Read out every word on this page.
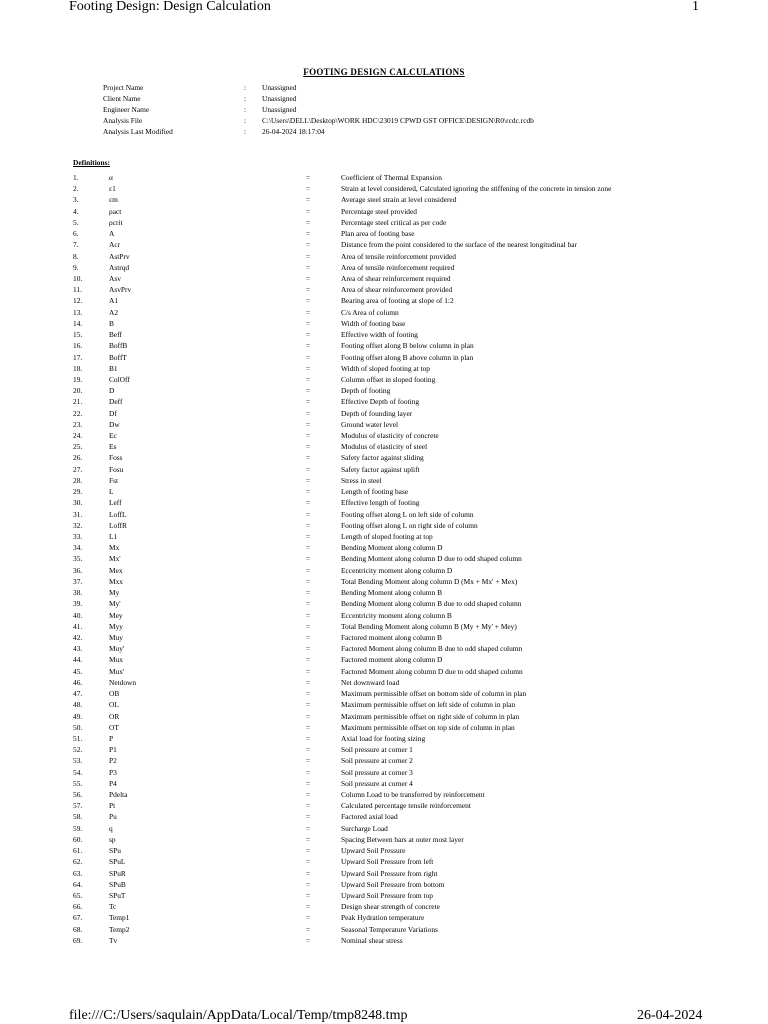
Footing Design: Design Calculation	1
FOOTING DESIGN CALCULATIONS
Project Name	: Unassigned
Client Name	: Unassigned
Engineer Name	: Unassigned
Analysis File	: C:\Users\DELL\Desktop\WORK HDC\23019 CPWD GST OFFICE\DESIGN\R0\rcdc.rcdb
Analysis Last Modified	: 26-04-2024 18:17:04
Definitions:
1.	α	=	Coefficient of Thermal Expansion
2.	ε1	=	Strain at level considered, Calculated ignoring the stiffening of the concrete in tension zone
3.	εm	=	Average steel strain at level considered
4.	ρact	=	Percentage steel provided
5.	ρcrit	=	Percentage steel critical as per code
6.	A	=	Plan area of footing base
7.	Acr	=	Distance from the point considered to the surface of the nearest longitudinal bar
8.	AstPrv	=	Area of tensile reinforcement provided
9.	Astrqd	=	Area of tensile reinforcement required
10.	Asv	=	Area of shear reinforcement required
11.	AsvPrv	=	Area of shear reinforcement provided
12.	A1	=	Bearing area of footing at slope of 1:2
13.	A2	=	C/s Area of column
14.	B	=	Width of footing base
15.	Beff	=	Effective width of footing
16.	BoffB	=	Footing offset along B below column in plan
17.	BoffT	=	Footing offset along B above column in plan
18.	B1	=	Width of sloped footing at top
19.	ColOff	=	Column offset in sloped footing
20.	D	=	Depth of footing
21.	Deff	=	Effective Depth of footing
22.	Df	=	Depth of founding layer
23.	Dw	=	Ground water level
24.	Ec	=	Modulus of elasticity of concrete
25.	Es	=	Modulus of elasticity of steel
26.	Foss	=	Safety factor against sliding
27.	Fosu	=	Safety factor against uplift
28.	Fst	=	Stress in steel
29.	L	=	Length of footing base
30.	Leff	=	Effective length of footing
31.	LoffL	=	Footing offset along L on left side of column
32.	LoffR	=	Footing offset along L on right side of column
33.	L1	=	Length of sloped footing at top
34.	Mx	=	Bending Moment along column D
35.	Mx'	=	Bending Moment along column D due to odd shaped column
36.	Mex	=	Eccentricity moment along column D
37.	Mxx	=	Total Bending Moment along column D (Mx + Mx' + Mex)
38.	My	=	Bending Moment along column B
39.	My'	=	Bending Moment along column B due to odd shaped column
40.	Mey	=	Eccentricity moment along column B
41.	Myy	=	Total Bending Moment along column B (My + My' + Mey)
42.	Muy	=	Factored moment along column B
43.	Muy'	=	Factored Moment along column B due to odd shaped column
44.	Mux	=	Factored moment along column D
45.	Mux'	=	Factored Moment along column D due to odd shaped column
46.	Netdown	=	Net downward load
47.	OB	=	Maximum permissible offset on bottom side of column in plan
48.	OL	=	Maximum permissible offset on left side of column in plan
49.	OR	=	Maximum permissible offset on right side of column in plan
50.	OT	=	Maximum permissible offset on top side of column in plan
51.	P	=	Axial load for footing sizing
52.	P1	=	Soil pressure at corner 1
53.	P2	=	Soil pressure at corner 2
54.	P3	=	Soil pressure at corner 3
55.	P4	=	Soil pressure at corner 4
56.	Pdelta	=	Column Load to be transferred by reinforcement
57.	Pt	=	Calculated percentage tensile reinforcement
58.	Pu	=	Factored axial load
59.	q	=	Surcharge Load
60.	sp	=	Spacing Between bars at outer most layer
61.	SPu	=	Upward Soil Pressure
62.	SPuL	=	Upward Soil Pressure from left
63.	SPuR	=	Upward Soil Pressure from right
64.	SPuB	=	Upward Soil Pressure from bottom
65.	SPuT	=	Upward Soil Pressure from top
66.	Tc	=	Design shear strength of concrete
67.	Temp1	=	Peak Hydration temperature
68.	Temp2	=	Seasonal Temperature Variations
69.	Tv	=	Nominal shear stress
file:///C:/Users/saqulain/AppData/Local/Temp/tmp8248.tmp	26-04-2024
